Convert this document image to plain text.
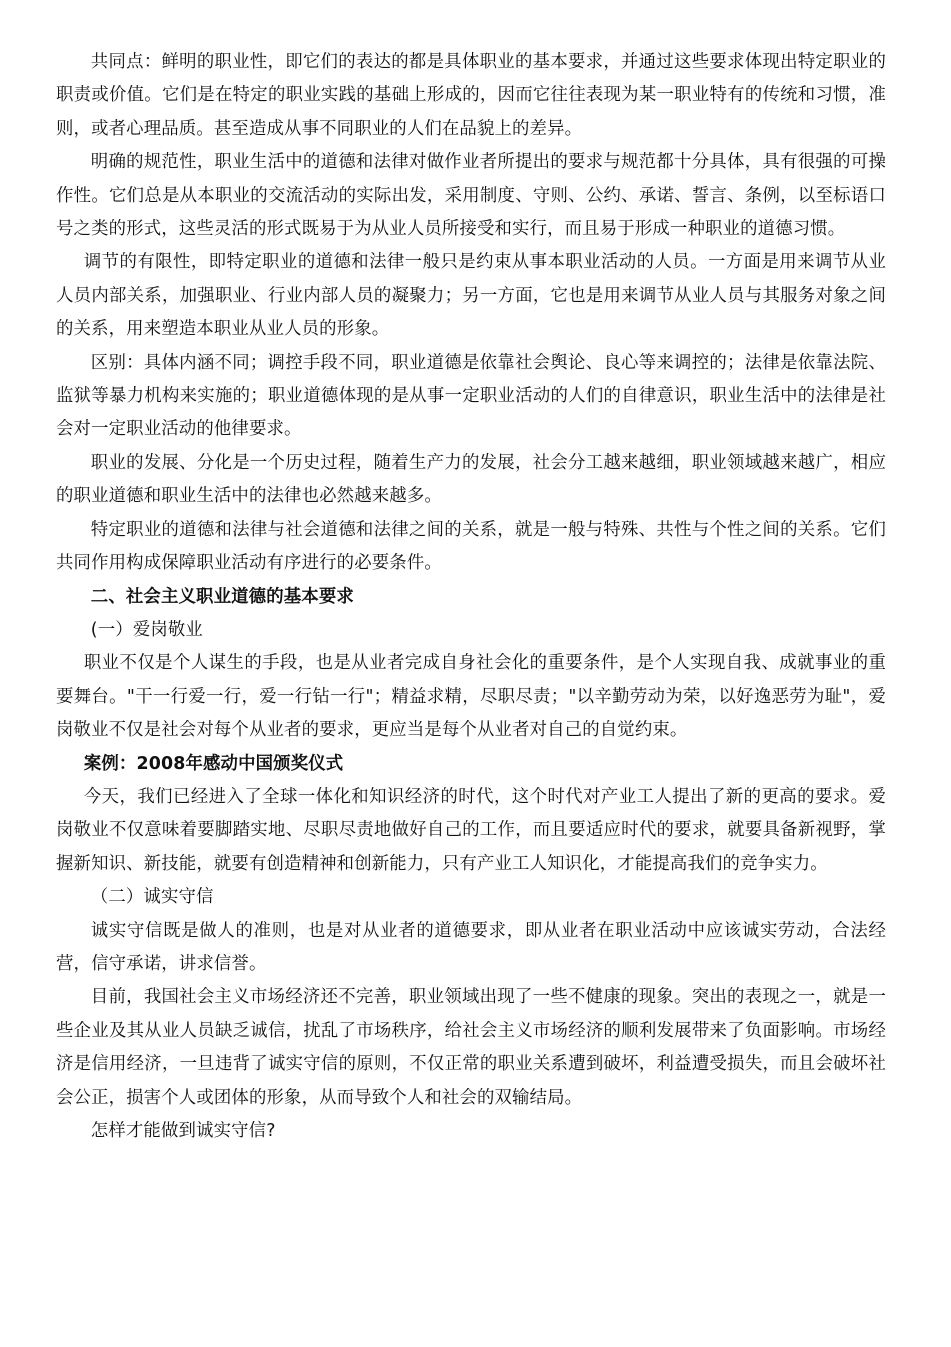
共同点：鲜明的职业性，即它们的表达的都是具体职业的基本要求，并通过这些要求体现出特定职业的职责或价值。它们是在特定的职业实践的基础上形成的，因而它往往表现为某一职业特有的传统和习惯，准则，或者心理品质。甚至造成从事不同职业的人们在品貌上的差异。

明确的规范性，职业生活中的道德和法律对做作业者所提出的要求与规范都十分具体，具有很强的可操作性。它们总是从本职业的交流活动的实际出发，采用制度、守则、公约、承诺、誓言、条例，以至标语口号之类的形式，这些灵活的形式既易于为从业人员所接受和实行，而且易于形成一种职业的道德习惯。

调节的有限性，即特定职业的道德和法律一般只是约束从事本职业活动的人员。一方面是用来调节从业人员内部关系，加强职业、行业内部人员的凝聚力；另一方面，它也是用来调节从业人员与其服务对象之间的关系，用来塑造本职业从业人员的形象。

区别：具体内涵不同；调控手段不同，职业道德是依靠社会舆论、良心等来调控的；法律是依靠法院、监狱等暴力机构来实施的；职业道德体现的是从事一定职业活动的人们的自律意识，职业生活中的法律是社会对一定职业活动的他律要求。

职业的发展、分化是一个历史过程，随着生产力的发展，社会分工越来越细，职业领域越来越广，相应的职业道德和职业生活中的法律也必然越来越多。

特定职业的道德和法律与社会道德和法律之间的关系，就是一般与特殊、共性与个性之间的关系。它们共同作用构成保障职业活动有序进行的必要条件。

二、社会主义职业道德的基本要求

(一）爱岗敬业

职业不仅是个人谋生的手段，也是从业者完成自身社会化的重要条件，是个人实现自我、成就事业的重要舞台。"干一行爱一行，爱一行钻一行"；精益求精，尽职尽责；"以辛勤劳动为荣，以好逸恶劳为耻"，爱岗敬业不仅是社会对每个从业者的要求，更应当是每个从业者对自己的自觉约束。

案例：2008年感动中国颁奖仪式

今天，我们已经进入了全球一体化和知识经济的时代，这个时代对产业工人提出了新的更高的要求。爱岗敬业不仅意味着要脚踏实地、尽职尽责地做好自己的工作，而且要适应时代的要求，就要具备新视野，掌握新知识、新技能，就要有创造精神和创新能力，只有产业工人知识化，才能提高我们的竞争实力。

（二）诚实守信

诚实守信既是做人的准则，也是对从业者的道德要求，即从业者在职业活动中应该诚实劳动，合法经营，信守承诺，讲求信誉。

目前，我国社会主义市场经济还不完善，职业领域出现了一些不健康的现象。突出的表现之一，就是一些企业及其从业人员缺乏诚信，扰乱了市场秩序，给社会主义市场经济的顺利发展带来了负面影响。市场经济是信用经济，一旦违背了诚实守信的原则，不仅正常的职业关系遭到破坏，利益遭受损失，而且会破坏社会公正，损害个人或团体的形象，从而导致个人和社会的双输结局。

怎样才能做到诚实守信?
